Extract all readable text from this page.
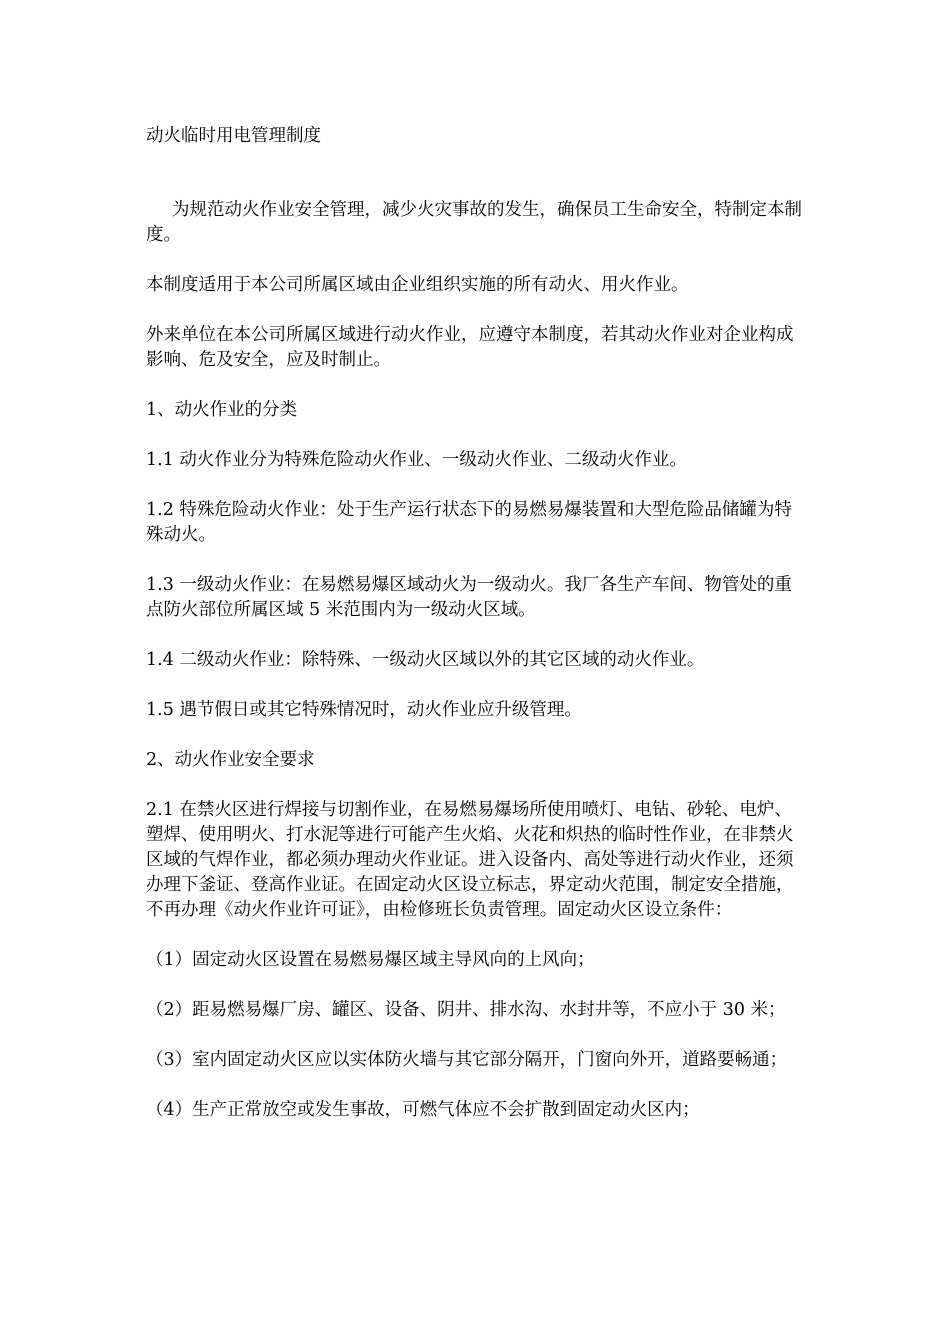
动火临时用电管理制度

为规范动火作业安全管理，减少火灾事故的发生，确保员工生命安全，特制定本制度。

本制度适用于本公司所属区域由企业组织实施的所有动火、用火作业。

外来单位在本公司所属区域进行动火作业，应遵守本制度，若其动火作业对企业构成影响、危及安全，应及时制止。

1、动火作业的分类

1.1 动火作业分为特殊危险动火作业、一级动火作业、二级动火作业。

1.2 特殊危险动火作业：处于生产运行状态下的易燃易爆装置和大型危险品储罐为特殊动火。

1.3 一级动火作业：在易燃易爆区域动火为一级动火。我厂各生产车间、物管处的重点防火部位所属区域 5 米范围内为一级动火区域。

1.4 二级动火作业：除特殊、一级动火区域以外的其它区域的动火作业。

1.5 遇节假日或其它特殊情况时，动火作业应升级管理。

2、动火作业安全要求

2.1 在禁火区进行焊接与切割作业，在易燃易爆场所使用喷灯、电钻、砂轮、电炉、塑焊、使用明火、打水泥等进行可能产生火焰、火花和炽热的临时性作业，在非禁火区域的气焊作业，都必须办理动火作业证。进入设备内、高处等进行动火作业，还须办理下釜证、登高作业证。在固定动火区设立标志，界定动火范围，制定安全措施，不再办理《动火作业许可证》，由检修班长负责管理。固定动火区设立条件：

（1）固定动火区设置在易燃易爆区域主导风向的上风向；

（2）距易燃易爆厂房、罐区、设备、阴井、排水沟、水封井等，不应小于 30 米；

（3）室内固定动火区应以实体防火墙与其它部分隔开，门窗向外开，道路要畅通；

（4）生产正常放空或发生事故，可燃气体应不会扩散到固定动火区内；
